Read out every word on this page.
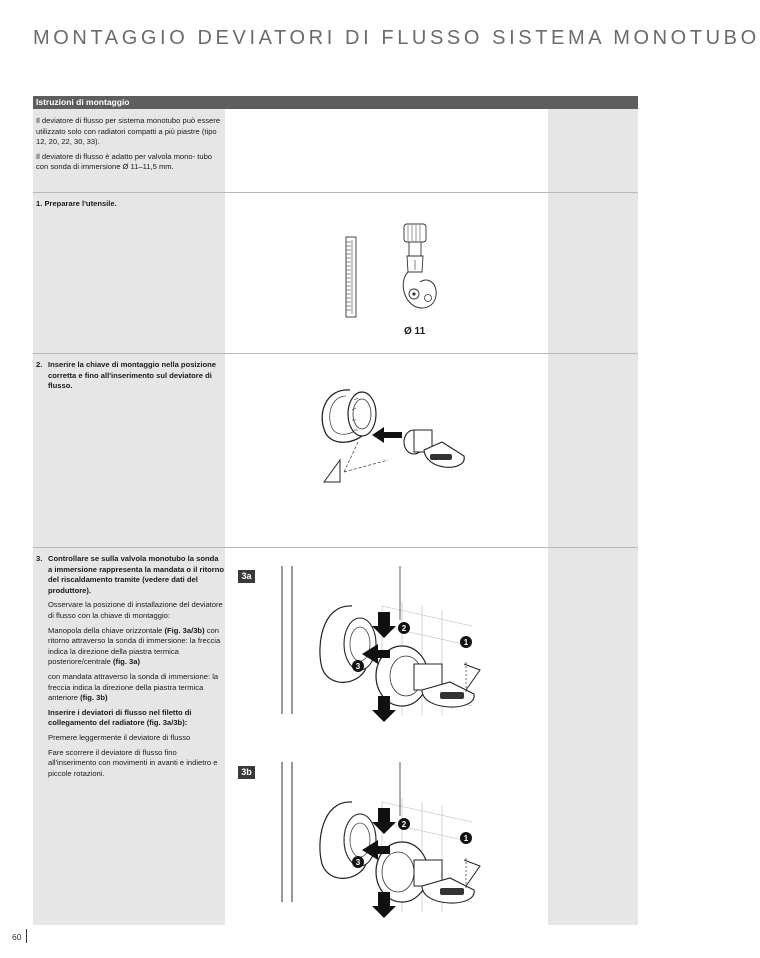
MONTAGGIO DEVIATORI DI FLUSSO SISTEMA MONOTUBO
Istruzioni di montaggio

Il deviatore di flusso per sistema monotubo può essere utilizzato solo con radiatori compatti a più piastre (tipo 12, 20, 22, 30, 33).

Il deviatore di flusso è adatto per valvola mono- tubo con sonda di immersione Ø 11–11,5 mm.

1. Preparare l'utensile.
Ø 11
2. Inserire la chiave di montaggio nella posizione corretta e fino all'inserimento sul deviatore di flusso.
3. Controllare se sulla valvola monotubo la sonda a immersione rappresenta la mandata o il ritorno del riscaldamento tramite (vedere dati del produttore).

Osservare la posizione di installazione del deviatore di flusso con la chiave di montaggio:

Manopola della chiave orizzontale (Fig. 3a/3b) con ritorno attraverso la sonda di immersione: la freccia indica la direzione della piastra termica posteriore/centrale (fig. 3a)

con mandata attraverso la sonda di immersione: la freccia indica la direzione della piastra termica anteriore (fig. 3b)

Inserire i deviatori di flusso nel filetto di collegamento del radiatore (fig. 3a/3b):

Premere leggermente il deviatore di flusso

Fare scorrere il deviatore di flusso fino all'inserimento con movimenti in avanti e indietro e piccole rotazioni.

3a
3b
2
1
3
2
1
3
60
